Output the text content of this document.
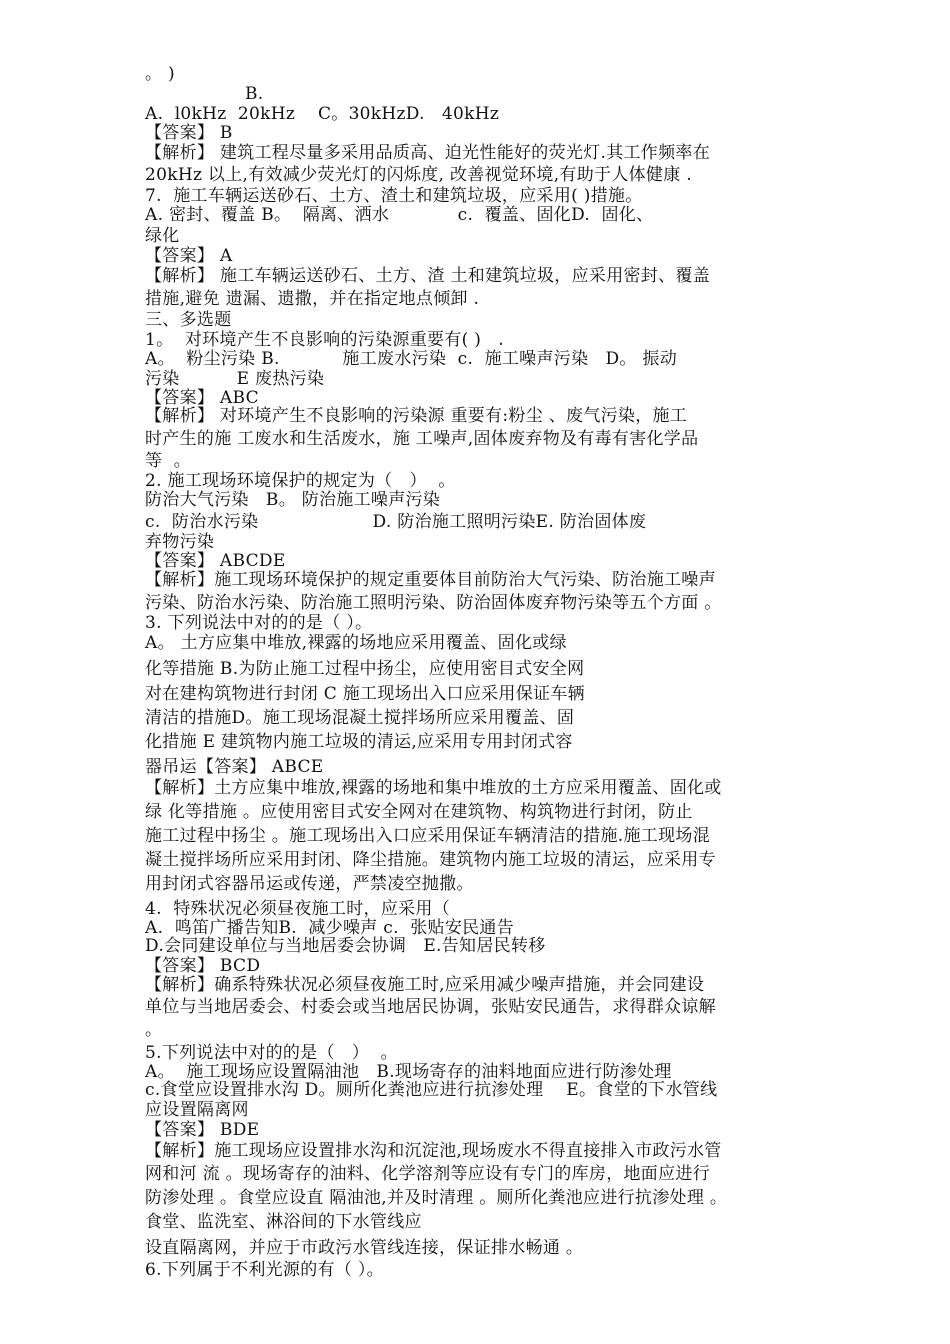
。 )
B.
A.  l0kHz  20kHz    C。30kHzD.   40kHz
【答案】 B
【解析】 建筑工程尽量多采用品质高、迫光性能好的荧光灯.其工作频率在
20kHz 以上,有效减少荧光灯的闪烁度, 改善视觉环境,有助于人体健康 .
7.  施工车辆运送砂石、土方、渣土和建筑垃圾，应采用( )措施。
A. 密封、覆盖 B。  隔离、洒水            c.  覆盖、固化D.  固化、
绿化
【答案】 A
【解析】 施工车辆运送砂石、土方、渣 土和建筑垃圾，应采用密封、覆盖
措施,避免 遗漏、遗撒，并在指定地点倾卸 .
三、多选题
1。  对环境产生不良影响的污染源重要有( )   .
A。  粉尘污染 B.           施工废水污染  c.  施工噪声污染   D。 振动
污染          E 废热污染
【答案】 ABC
【解析】 对环境产生不良影响的污染源 重要有:粉尘 、废气污染，施工
时产生的施 工废水和生活废水，施 工噪声,固体废弃物及有毒有害化学品
等  。
2. 施工现场环境保护的规定为（   ）  。
防治大气污染   B。 防治施工噪声污染
c.  防治水污染                    D. 防治施工照明污染E. 防治固体废
弃物污染
【答案】 ABCDE
【解析】施工现场环境保护的规定重要体目前防治大气污染、防治施工噪声
污染、防治水污染、防治施工照明污染、防治固体废弃物污染等五个方面 。
3. 下列说法中对的的是（ ）。
A。 土方应集中堆放,裸露的场地应采用覆盖、固化或绿
化等措施 B.为防止施工过程中扬尘，应使用密目式安全网
对在建构筑物进行封闭 C 施工现场出入口应采用保证车辆
清洁的措施D。施工现场混凝土搅拌场所应采用覆盖、固
化措施 E 建筑物内施工垃圾的清运,应采用专用封闭式容
器吊运【答案】 ABCE
【解析】土方应集中堆放,裸露的场地和集中堆放的土方应采用覆盖、固化或
绿 化等措施 。应使用密目式安全网对在建筑物、构筑物进行封闭，防止
施工过程中扬尘 。施工现场出入口应采用保证车辆清洁的措施.施工现场混
凝土搅拌场所应采用封闭、降尘措施。建筑物内施工垃圾的清运，应采用专
用封闭式容器吊运或传递，严禁凌空抛撒。
4.  特殊状况必须昼夜施工时，应采用（
A.  鸣笛广播告知B.  减少噪声 c.  张贴安民通告
D.会同建设单位与当地居委会协调   E.告知居民转移
【答案】 BCD
【解析】确系特殊状况必须昼夜施工时,应采用减少噪声措施，并会同建设
单位与当地居委会、村委会或当地居民协调，张贴安民通告，求得群众谅解
。
5.下列说法中对的的是（   ）  。
A。  施工现场应设置隔油池   B.现场寄存的油料地面应进行防渗处理
c.食堂应设置排水沟 D。厕所化粪池应进行抗渗处理    E。食堂的下水管线
应设置隔离网
【答案】 BDE
【解析】施工现场应设置排水沟和沉淀池,现场废水不得直接排入市政污水管
网和河 流 。现场寄存的油料、化学溶剂等应设有专门的库房，地面应进行
防渗处理 。食堂应设直 隔油池,并及时清理 。厕所化粪池应进行抗渗处理 。
食堂、监洗室、淋浴间的下水管线应
设直隔离网，并应于市政污水管线连接，保证排水畅通 。
6.下列属于不利光源的有（ ）。
